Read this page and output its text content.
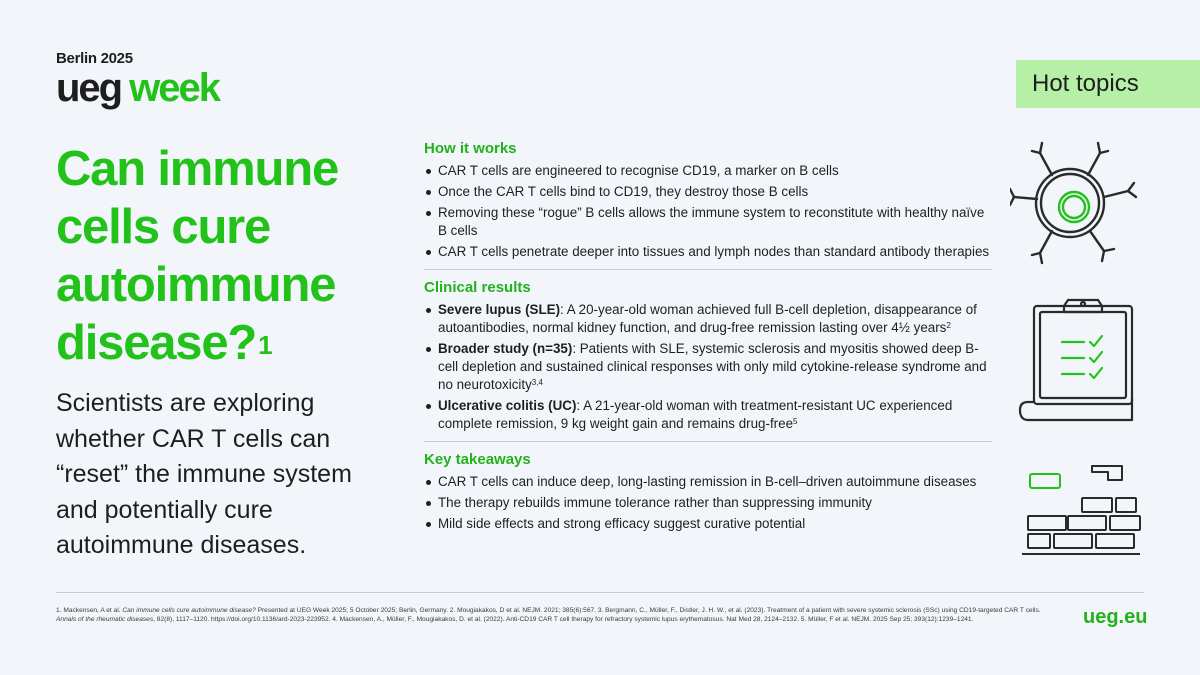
Berlin 2025
ueg week	Hot topics
Can immune cells cure autoimmune disease?$^1$

Scientists are exploring whether CAR T cells can “reset” the immune system and potentially cure autoimmune diseases.

How it works
CAR T cells are engineered to recognise CD19, a marker on B cells
Once the CAR T cells bind to CD19, they destroy those B cells
Removing these “rogue” B cells allows the immune system to reconstitute with healthy naïve B cells
CAR T cells penetrate deeper into tissues and lymph nodes than standard antibody therapies
Clinical results
Severe lupus (SLE): A 20-year-old woman achieved full B-cell depletion, disappearance of autoantibodies, normal kidney function, and drug-free remission lasting over 4½ years$^2$
Broader study (n=35): Patients with SLE, systemic sclerosis and myositis showed deep B-cell depletion and sustained clinical responses with only mild cytokine-release syndrome and no neurotoxicity$^{3,4}$
Ulcerative colitis (UC): A 21-year-old woman with treatment-resistant UC experienced complete remission, 9 kg weight gain and remains drug-free$^5$
Key takeaways
CAR T cells can induce deep, long-lasting remission in B-cell–driven autoimmune diseases
The therapy rebuilds immune tolerance rather than suppressing immunity
Mild side effects and strong efficacy suggest curative potential

1. Mackensen, A et al. Can immune cells cure autoimmune disease? Presented at UEG Week 2025; 5 October 2025; Berlin, Germany. 2. Mougiakakos, D et al. NEJM. 2021; 385(6):567. 3. Bergmann, C., Müller, F., Distler, J. H. W., et al. (2023). Treatment of a patient with severe systemic sclerosis (SSc) using CD19-targeted CAR T cells. Annals of the rheumatic diseases, 82(8), 1117–1120. https://doi.org/10.1136/ard-2023-223952. 4. Mackensen, A., Müller, F., Mougiakakos, D. et al. (2022). Anti-CD19 CAR T cell therapy for refractory systemic lupus erythematosus. Nat Med 28, 2124–2132. 5. Müller, F et al. NEJM. 2025 Sep 25; 393(12):1239–1241.	ueg.eu
